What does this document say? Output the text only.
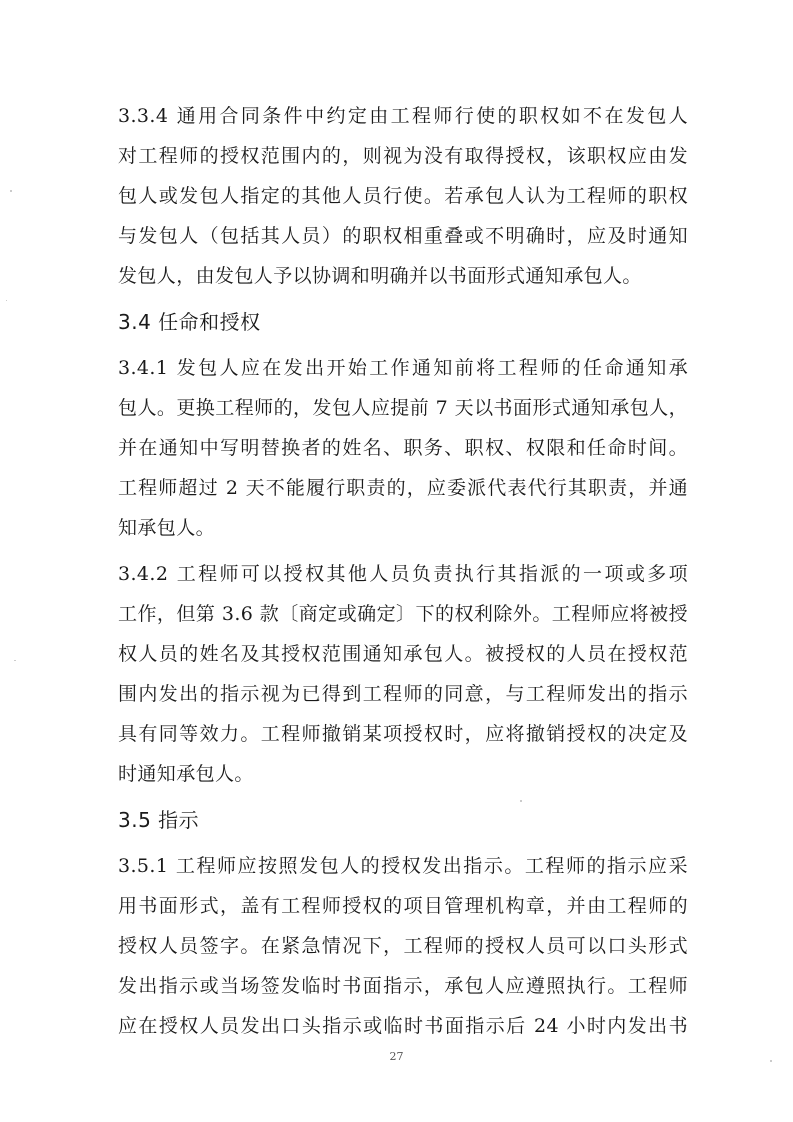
3.3.4 通用合同条件中约定由工程师行使的职权如不在发包人
对工程师的授权范围内的，则视为没有取得授权，该职权应由发
包人或发包人指定的其他人员行使。若承包人认为工程师的职权
与发包人（包括其人员）的职权相重叠或不明确时，应及时通知
发包人，由发包人予以协调和明确并以书面形式通知承包人。
3.4 任命和授权
3.4.1 发包人应在发出开始工作通知前将工程师的任命通知承
包人。更换工程师的，发包人应提前 7 天以书面形式通知承包人，
并在通知中写明替换者的姓名、职务、职权、权限和任命时间。
工程师超过 2 天不能履行职责的，应委派代表代行其职责，并通
知承包人。
3.4.2 工程师可以授权其他人员负责执行其指派的一项或多项
工作，但第 3.6 款〔商定或确定〕下的权利除外。工程师应将被授
权人员的姓名及其授权范围通知承包人。被授权的人员在授权范
围内发出的指示视为已得到工程师的同意，与工程师发出的指示
具有同等效力。工程师撤销某项授权时，应将撤销授权的决定及
时通知承包人。
3.5 指示
3.5.1 工程师应按照发包人的授权发出指示。工程师的指示应采
用书面形式，盖有工程师授权的项目管理机构章，并由工程师的
授权人员签字。在紧急情况下，工程师的授权人员可以口头形式
发出指示或当场签发临时书面指示，承包人应遵照执行。工程师
应在授权人员发出口头指示或临时书面指示后 24 小时内发出书
27
